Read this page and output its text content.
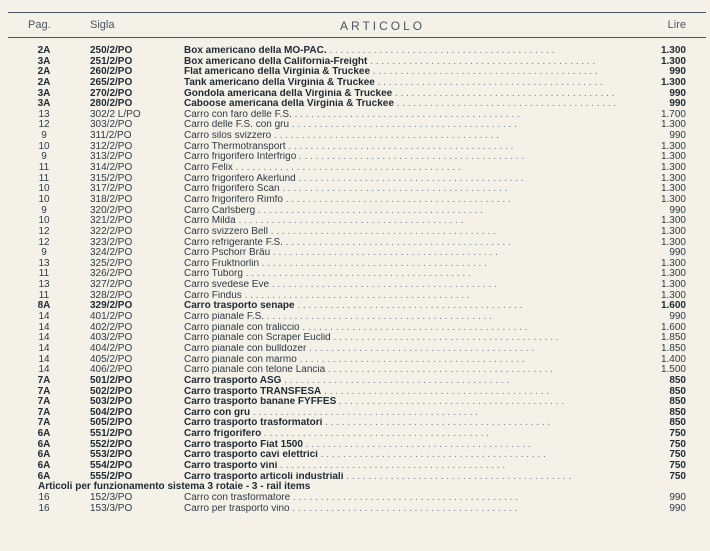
Pag.	Sigla	ARTICOLO	Lire
2A	250/2/PO	Box americano della MO-PAC. . .	1.300
3A	251/2/PO	Box americano della California-Freight . .	1.300
2A	260/2/PO	Flat americano della Virginia & Truckee . .	990
2A	265/2/PO	Tank americano della Virginia & Truckee . .	1.300
3A	270/2/PO	Gondola americana della Virginia & Truckee . .	990
3A	280/2/PO	Caboose americana della Virginia & Truckee . .	990
13	302/2 L/PO	Carro con faro delle F.S. . .	1.700
12	303/2/PO	Carro delle F.S. con gru . .	1.300
9	311/2/PO	Carro silos svizzero . .	990
10	312/2/PO	Carro Thermotransport . .	1.300
9	313/2/PO	Carro frigorifero Interfrigo . .	1.300
11	314/2/PO	Carro Felix . .	1.300
11	315/2/PO	Carro frigorifero Akerlund . .	1.300
10	317/2/PO	Carro frigorifero Scan . .	1.300
10	318/2/PO	Carro frigorifero Rimfo . .	1.300
9	320/2/PO	Carro Carlsberg . .	990
10	321/2/PO	Carro Milda . .	1.300
12	322/2/PO	Carro svizzero Bell . .	1.300
12	323/2/PO	Carro refrigerante F.S. . .	1.300
9	324/2/PO	Carro Pschorr Bräu . .	990
13	325/2/PO	Carro Fruktnorlin . .	1.300
11	326/2/PO	Carro Tuborg . .	1.300
13	327/2/PO	Carro svedese Eve . .	1.300
11	328/2/PO	Carro Findus . .	1.300
8A	329/2/PO	Carro trasporto senape . .	1.600
14	401/2/PO	Carro pianale F.S. . .	990
14	402/2/PO	Carro pianale con traliccio . .	1.600
14	403/2/PO	Carro pianale con Scraper Euclid . .	1.850
14	404/2/PO	Carro pianale con bulldozer . .	1.850
14	405/2/PO	Carro pianale con marmo . .	1.400
14	406/2/PO	Carro pianale con telone Lancia . .	1.500
7A	501/2/PO	Carro trasporto ASG . .	850
7A	502/2/PO	Carro trasporto TRANSFESA . .	850
7A	503/2/PO	Carro trasporto banane FYFFES . .	850
7A	504/2/PO	Carro con gru . .	850
7A	505/2/PO	Carro trasporto trasformatori . .	850
6A	551/2/PO	Carro frigorifero . .	750
6A	552/2/PO	Carro trasporto Fiat 1500 . .	750
6A	553/2/PO	Carro trasporto cavi elettrici . .	750
6A	554/2/PO	Carro trasporto vini . .	750
6A	555/2/PO	Carro trasporto articoli industriali . .	750
Articoli per funzionamento sistema 3 rotaie - 3 - rail items
16	152/3/PO	Carro con trasformatore . .	990
16	153/3/PO	Carro per trasporto vino . .	990
